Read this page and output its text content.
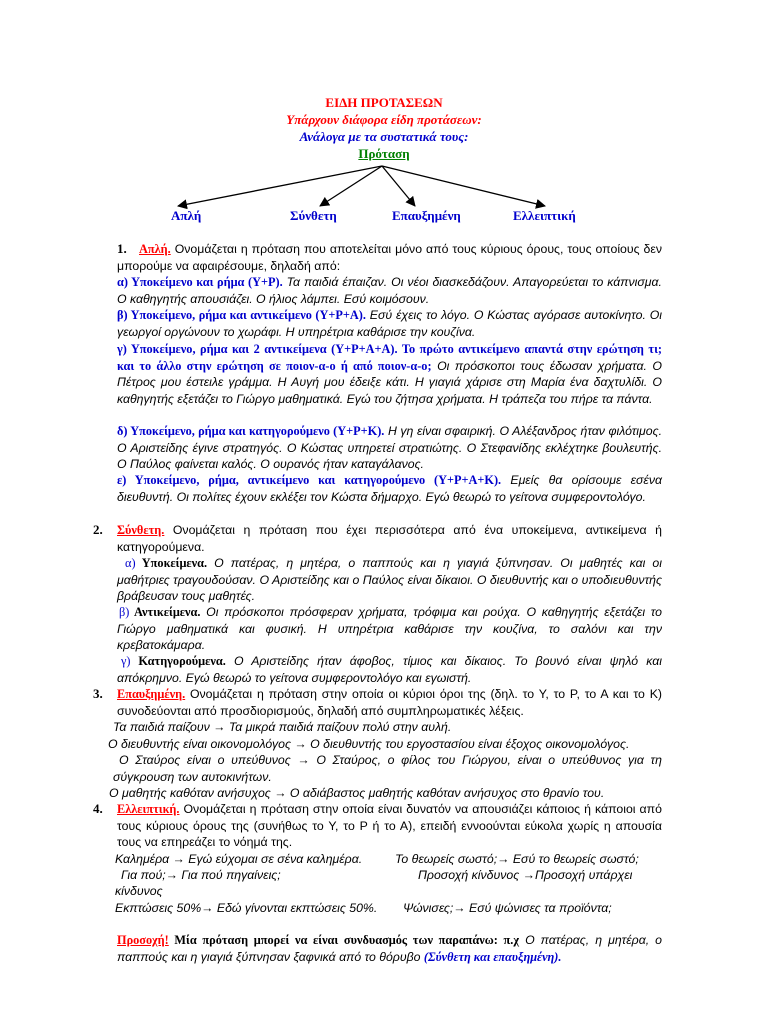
ΕΙΔΗ ΠΡΟΤΑΣΕΩΝ
Υπάρχουν διάφορα είδη προτάσεων:
Ανάλογα με τα συστατικά τους:
Πρόταση
Απλή	Σύνθετη	Επαυξημένη	Ελλειπτική
1. Απλή. Ονομάζεται η πρόταση που αποτελείται μόνο από τους κύριους όρους, τους οποίους δεν μπορούμε να αφαιρέσουμε, δηλαδή από:
α) Υποκείμενο και ρήμα (Υ+Ρ). Τα παιδιά έπαιζαν. Οι νέοι διασκεδάζουν. Απαγορεύεται το κάπνισμα. Ο καθηγητής απουσιάζει. Ο ήλιος λάμπει. Εσύ κοιμόσουν.
β) Υποκείμενο, ρήμα και αντικείμενο (Υ+Ρ+Α). Εσύ έχεις το λόγο. Ο Κώστας αγόρασε αυτοκίνητο. Οι γεωργοί οργώνουν το χωράφι. Η υπηρέτρια καθάρισε την κουζίνα.
γ) Υποκείμενο, ρήμα και 2 αντικείμενα (Υ+Ρ+Α+Α). Το πρώτο αντικείμενο απαντά στην ερώτηση τι; και το άλλο στην ερώτηση σε ποιον-α-ο ή από ποιον-α-ο; Οι πρόσκοποι τους έδωσαν χρήματα. Ο Πέτρος μου έστειλε γράμμα. Η Αυγή μου έδειξε κάτι. Η γιαγιά χάρισε στη Μαρία ένα δαχτυλίδι. Ο καθηγητής εξετάζει το Γιώργο μαθηματικά. Εγώ του ζήτησα χρήματα. Η τράπεζα του πήρε τα πάντα.
δ) Υποκείμενο, ρήμα και κατηγορούμενο (Υ+Ρ+Κ). Η γη είναι σφαιρική. Ο Αλέξανδρος ήταν φιλότιμος. Ο Αριστείδης έγινε στρατηγός. Ο Κώστας υπηρετεί στρατιώτης. Ο Στεφανίδης εκλέχτηκε βουλευτής. Ο Παύλος φαίνεται καλός. Ο ουρανός ήταν καταγάλανος.
ε) Υποκείμενο, ρήμα, αντικείμενο και κατηγορούμενο (Υ+Ρ+Α+Κ). Εμείς θα ορίσουμε εσένα διευθυντή. Οι πολίτες έχουν εκλέξει τον Κώστα δήμαρχο. Εγώ θεωρώ το γείτονα συμφεροντολόγο.
2. Σύνθετη. Ονομάζεται η πρόταση που έχει περισσότερα από ένα υποκείμενα, αντικείμενα ή κατηγορούμενα.
α) Υποκείμενα. Ο πατέρας, η μητέρα, ο παππούς και η γιαγιά ξύπνησαν. Οι μαθητές και οι μαθήτριες τραγουδούσαν. Ο Αριστείδης και ο Παύλος είναι δίκαιοι. Ο διευθυντής και ο υποδιευθυντής βράβευσαν τους μαθητές.
β) Αντικείμενα. Οι πρόσκοποι πρόσφεραν χρήματα, τρόφιμα και ρούχα. Ο καθηγητής εξετάζει το Γιώργο μαθηματικά και φυσική. Η υπηρέτρια καθάρισε την κουζίνα, το σαλόνι και την κρεβατοκάμαρα.
γ) Κατηγορούμενα. Ο Αριστείδης ήταν άφοβος, τίμιος και δίκαιος. Το βουνό είναι ψηλό και απόκρημνο. Εγώ θεωρώ το γείτονα συμφεροντολόγο και εγωιστή.
3. Επαυξημένη. Ονομάζεται η πρόταση στην οποία οι κύριοι όροι της (δηλ. το Υ, το Ρ, το Α και το Κ) συνοδεύονται από προσδιορισμούς, δηλαδή από συμπληρωματικές λέξεις.
Τα παιδιά παίζουν → Τα μικρά παιδιά παίζουν πολύ στην αυλή.
Ο διευθυντής είναι οικονομολόγος → Ο διευθυντής του εργοστασίου είναι έξοχος οικονομολόγος.
Ο Σταύρος είναι ο υπεύθυνος → Ο Σταύρος, ο φίλος του Γιώργου, είναι ο υπεύθυνος για τη σύγκρουση των αυτοκινήτων.
Ο μαθητής καθόταν ανήσυχος → Ο αδιάβαστος μαθητής καθόταν ανήσυχος στο θρανίο του.
4. Ελλειπτική. Ονομάζεται η πρόταση στην οποία είναι δυνατόν να απουσιάζει κάποιος ή κάποιοι από τους κύριους όρους της (συνήθως το Υ, το Ρ ή το Α), επειδή εννοούνται εύκολα χωρίς η απουσία τους να επηρεάζει το νόημά της.
Καλημέρα → Εγώ εύχομαι σε σένα καλημέρα.	Το θεωρείς σωστό;→ Εσύ το θεωρείς σωστό;
Για πού;→ Για πού πηγαίνεις;	Προσοχή κίνδυνος →Προσοχή υπάρχει
κίνδυνος
Εκπτώσεις 50%→ Εδώ γίνονται εκπτώσεις 50%. Ψώνισες;→ Εσύ ψώνισες τα προϊόντα;
Προσοχή! Μία πρόταση μπορεί να είναι συνδυασμός των παραπάνω: π.χ Ο πατέρας, η μητέρα, ο παππούς και η γιαγιά ξύπνησαν ξαφνικά από το θόρυβο (Σύνθετη και επαυξημένη).
